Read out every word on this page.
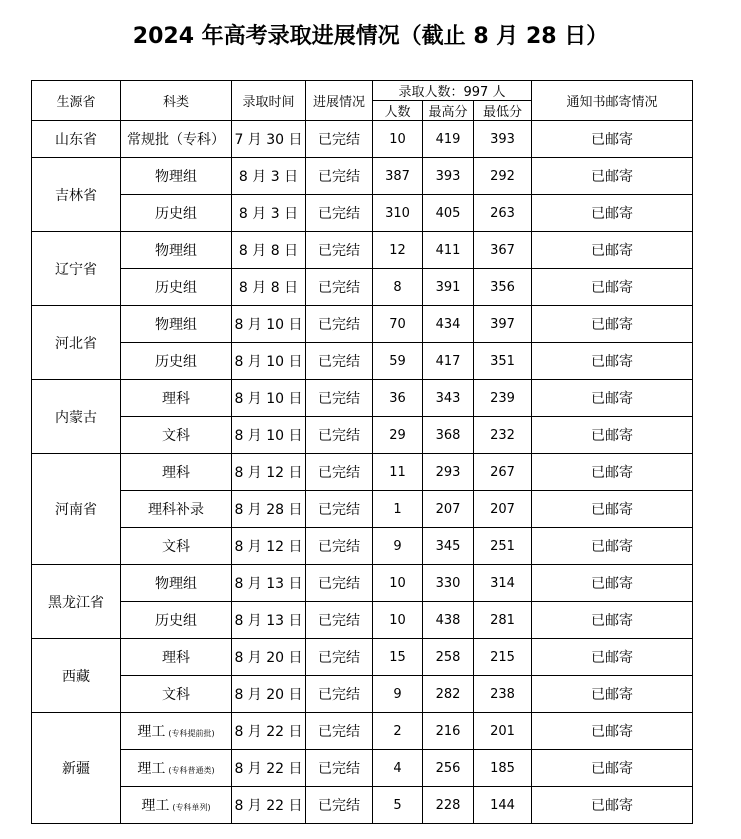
2024 年高考录取进展情况（截止 8 月 28 日）
生源省	科类	录取时间	进展情况	录取人数：997 人			通知书邮寄情况
				人数	最高分	最低分	
山东省	常规批（专科）	7 月 30 日	已完结	10	419	393	已邮寄
吉林省	物理组	8 月 3 日	已完结	387	393	292	已邮寄
	历史组	8 月 3 日	已完结	310	405	263	已邮寄
辽宁省	物理组	8 月 8 日	已完结	12	411	367	已邮寄
	历史组	8 月 8 日	已完结	8	391	356	已邮寄
河北省	物理组	8 月 10 日	已完结	70	434	397	已邮寄
	历史组	8 月 10 日	已完结	59	417	351	已邮寄
内蒙古	理科	8 月 10 日	已完结	36	343	239	已邮寄
	文科	8 月 10 日	已完结	29	368	232	已邮寄
河南省	理科	8 月 12 日	已完结	11	293	267	已邮寄
	理科补录	8 月 28 日	已完结	1	207	207	已邮寄
	文科	8 月 12 日	已完结	9	345	251	已邮寄
黑龙江省	物理组	8 月 13 日	已完结	10	330	314	已邮寄
	历史组	8 月 13 日	已完结	10	438	281	已邮寄
西藏	理科	8 月 20 日	已完结	15	258	215	已邮寄
	文科	8 月 20 日	已完结	9	282	238	已邮寄
新疆	理工 (专科提前批)	8 月 22 日	已完结	2	216	201	已邮寄
	理工 (专科普通类)	8 月 22 日	已完结	4	256	185	已邮寄
	理工 (专科单列)	8 月 22 日	已完结	5	228	144	已邮寄
